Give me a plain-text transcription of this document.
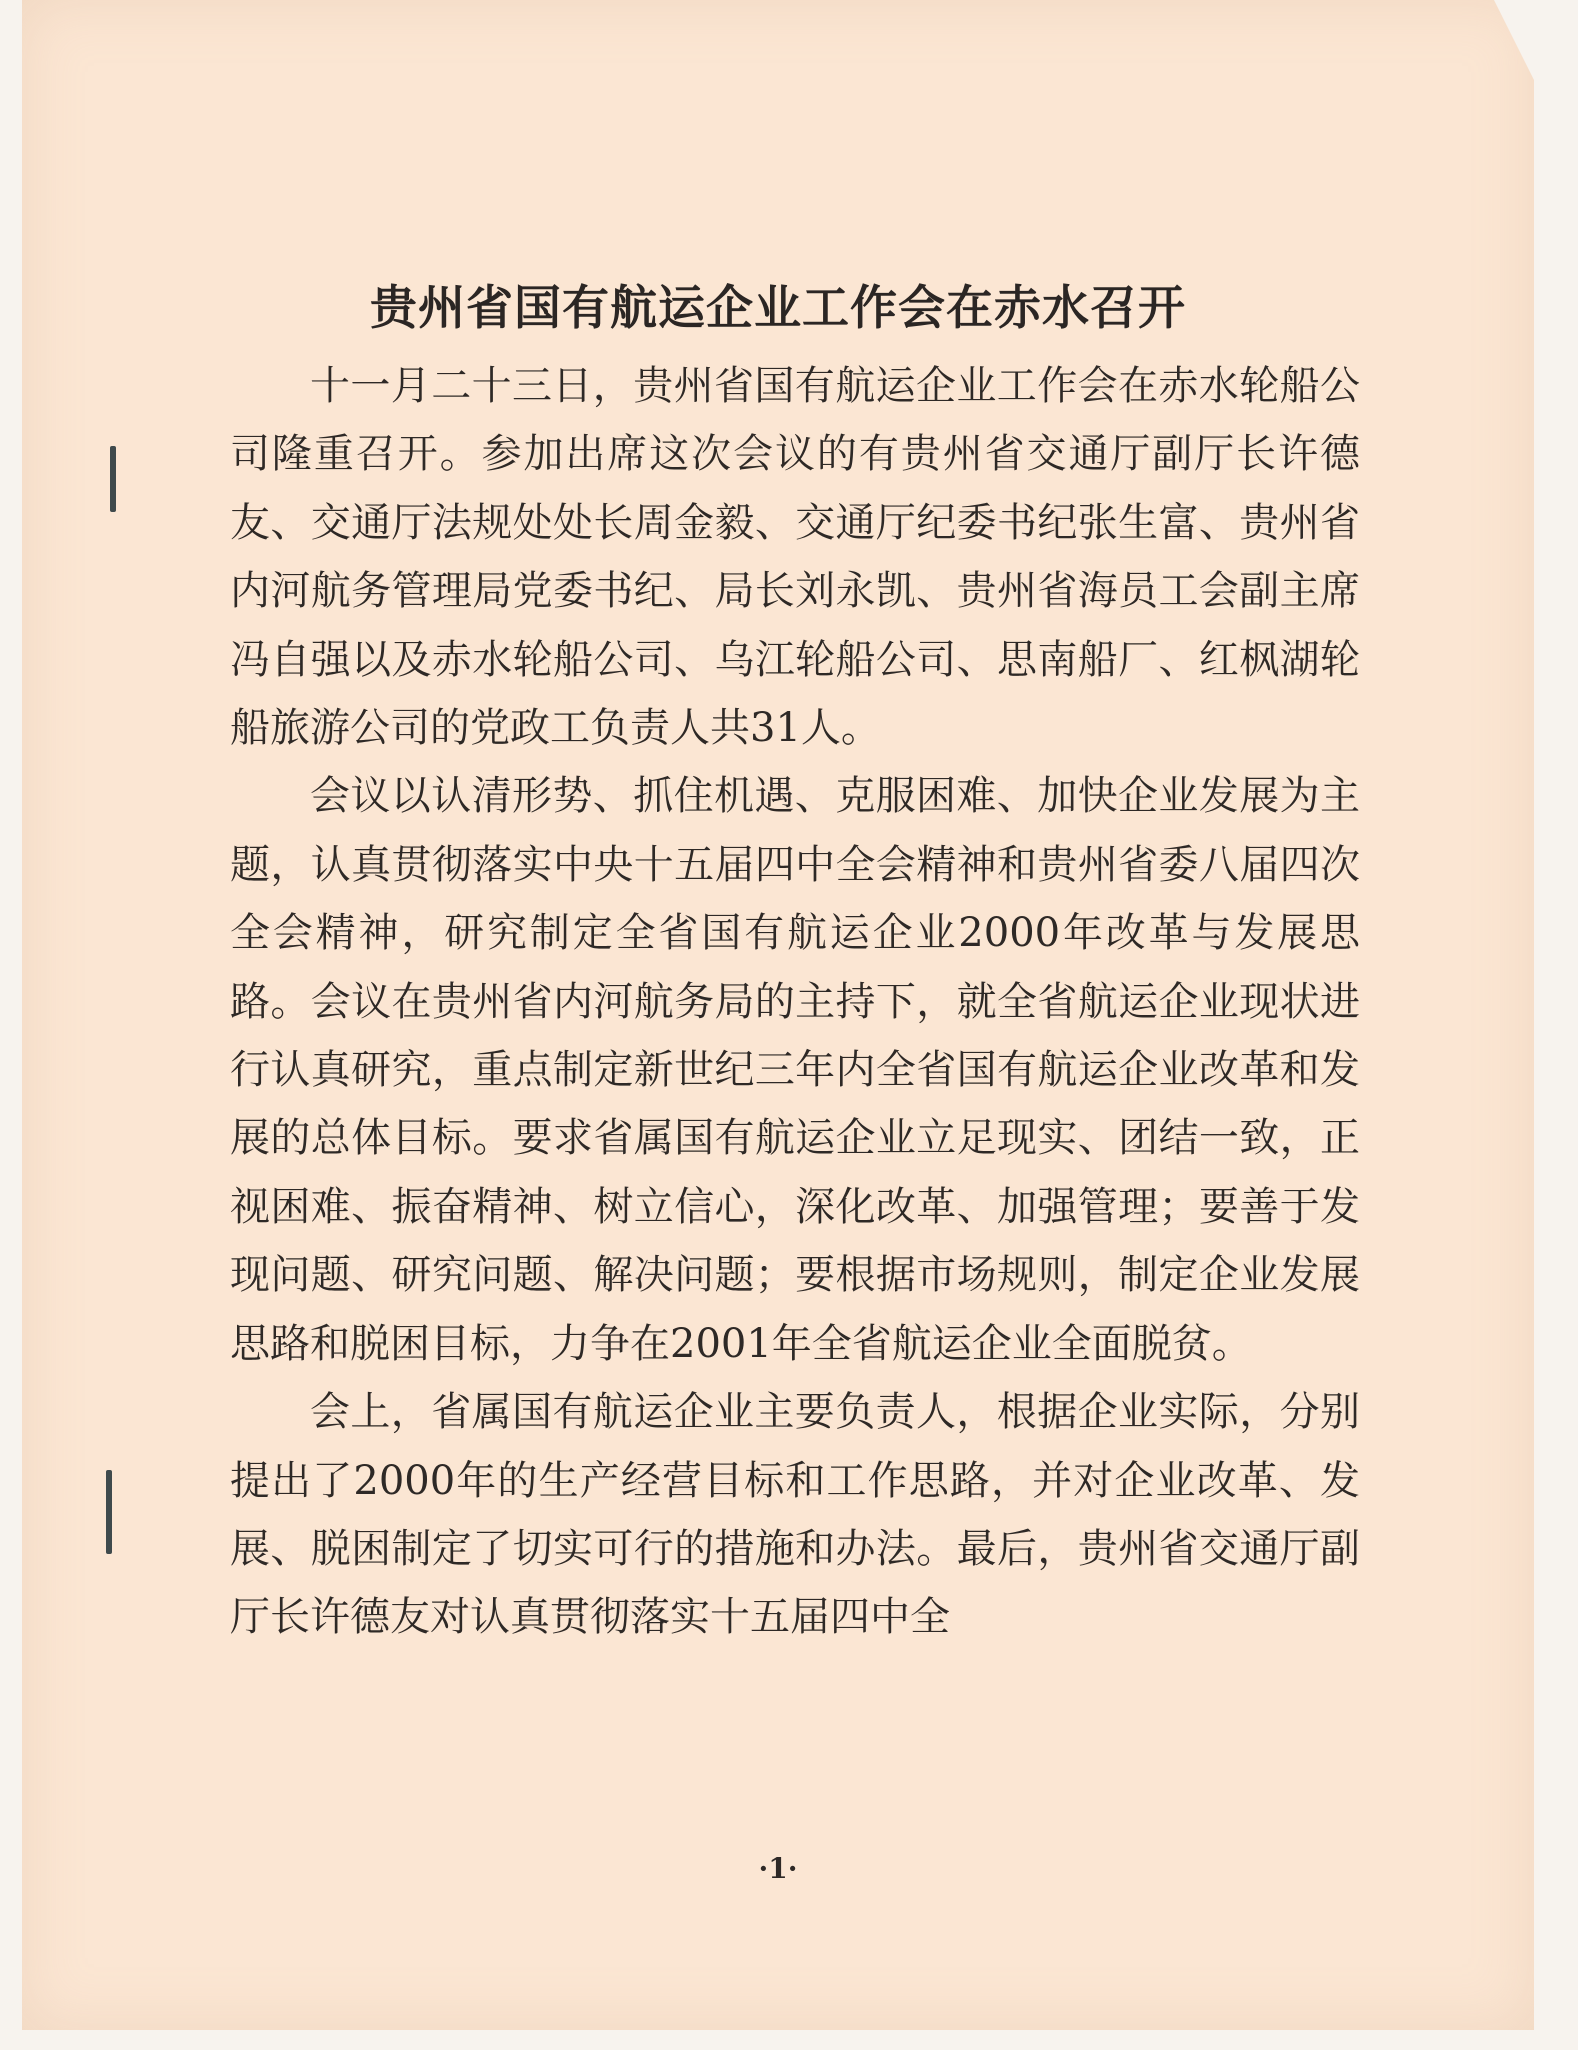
贵州省国有航运企业工作会在赤水召开

十一月二十三日，贵州省国有航运企业工作会在赤水轮船公司隆重召开。参加出席这次会议的有贵州省交通厅副厅长许德友、交通厅法规处处长周金毅、交通厅纪委书纪张生富、贵州省内河航务管理局党委书纪、局长刘永凯、贵州省海员工会副主席冯自强以及赤水轮船公司、乌江轮船公司、思南船厂、红枫湖轮船旅游公司的党政工负责人共31人。

会议以认清形势、抓住机遇、克服困难、加快企业发展为主题，认真贯彻落实中央十五届四中全会精神和贵州省委八届四次全会精神，研究制定全省国有航运企业2000年改革与发展思路。会议在贵州省内河航务局的主持下，就全省航运企业现状进行认真研究，重点制定新世纪三年内全省国有航运企业改革和发展的总体目标。要求省属国有航运企业立足现实、团结一致，正视困难、振奋精神、树立信心，深化改革、加强管理；要善于发现问题、研究问题、解决问题；要根据市场规则，制定企业发展思路和脱困目标，力争在2001年全省航运企业全面脱贫。

会上，省属国有航运企业主要负责人，根据企业实际，分别提出了2000年的生产经营目标和工作思路，并对企业改革、发展、脱困制定了切实可行的措施和办法。最后，贵州省交通厅副厅长许德友对认真贯彻落实十五届四中全

·1·
